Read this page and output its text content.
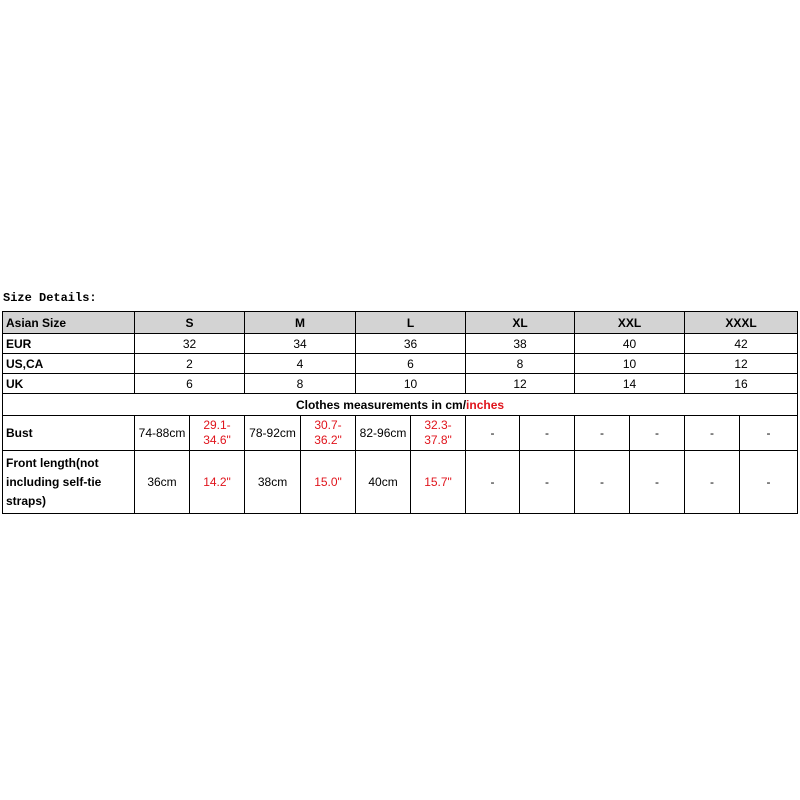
Size Details:
Asian Size	S		M		L		XL		XXL		XXXL	
EUR	32		34		36		38		40		42	
US,CA	2		4		6		8		10		12	
UK	6		8		10		12		14		16	
Clothes measurements in cm/inches												
Bust	74-88cm	29.1-34.6"	78-92cm	30.7-36.2"	82-96cm	32.3-37.8"	-	-	-	-	-	-
Front length(not including self-tie straps)	36cm	14.2"	38cm	15.0"	40cm	15.7"	-	-	-	-	-	-
